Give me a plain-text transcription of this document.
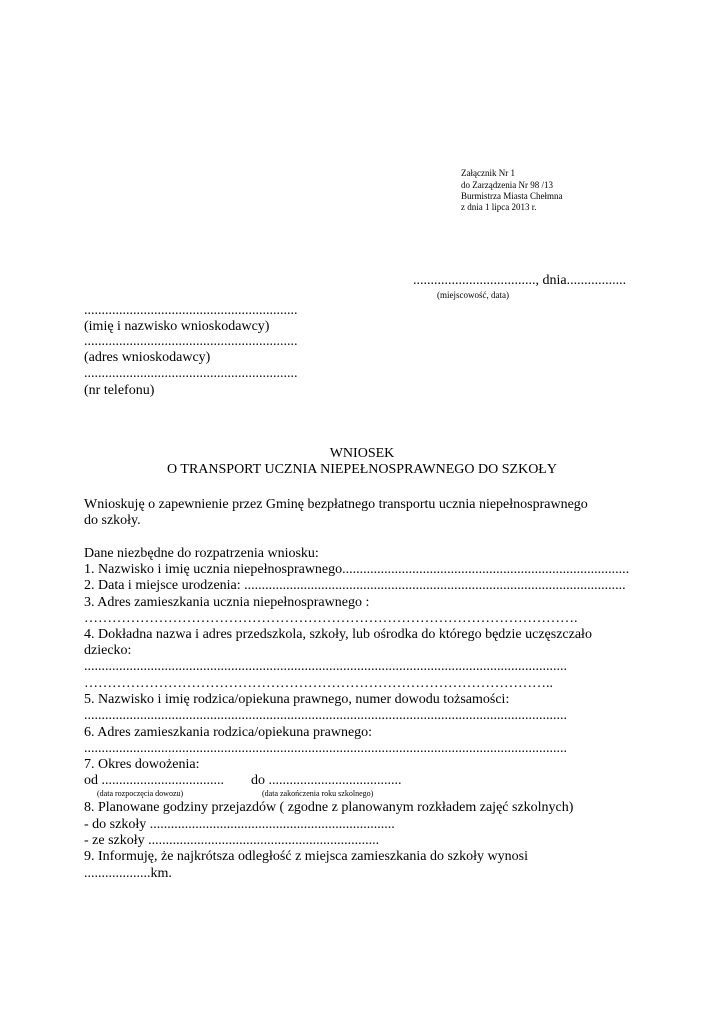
Załącznik Nr 1
do Zarządzenia Nr 98 /13
Burmistrza Miasta Chełmna
z dnia 1 lipca 2013 r.
..................................., dnia.................
(miejscowość, data)
.............................................................
(imię i nazwisko wnioskodawcy)
.............................................................
(adres wnioskodawcy)
.............................................................
(nr telefonu)
WNIOSEK
O TRANSPORT UCZNIA NIEPEŁNOSPRAWNEGO DO SZKOŁY
Wnioskuję o zapewnienie przez Gminę bezpłatnego transportu ucznia niepełnosprawnego
do szkoły.
Dane niezbędne do rozpatrzenia wniosku:
1. Nazwisko i imię ucznia niepełnosprawnego..................................................................................
2. Data i miejsce urodzenia: .............................................................................................................
3. Adres zamieszkania ucznia niepełnosprawnego :
…………………………………………………………………………………………….
4. Dokładna nazwa i adres przedszkola, szkoły, lub ośrodka do którego będzie uczęszczało
dziecko:
..........................................................................................................................................
………………………………………………………………………………………..
5. Nazwisko i imię rodzica/opiekuna prawnego, numer dowodu tożsamości:
..........................................................................................................................................
6. Adres zamieszkania rodzica/opiekuna prawnego:
..........................................................................................................................................
7. Okres dowożenia:
od ................................... do ......................................
(data rozpoczęcia dowozu)	(data zakończenia roku szkolnego)
8. Planowane godziny przejazdów ( zgodne z planowanym rozkładem zajęć szkolnych)
- do szkoły ......................................................................
- ze szkoły ..................................................................
9. Informuję, że najkrótsza odległość z miejsca zamieszkania do szkoły wynosi
...................km.
